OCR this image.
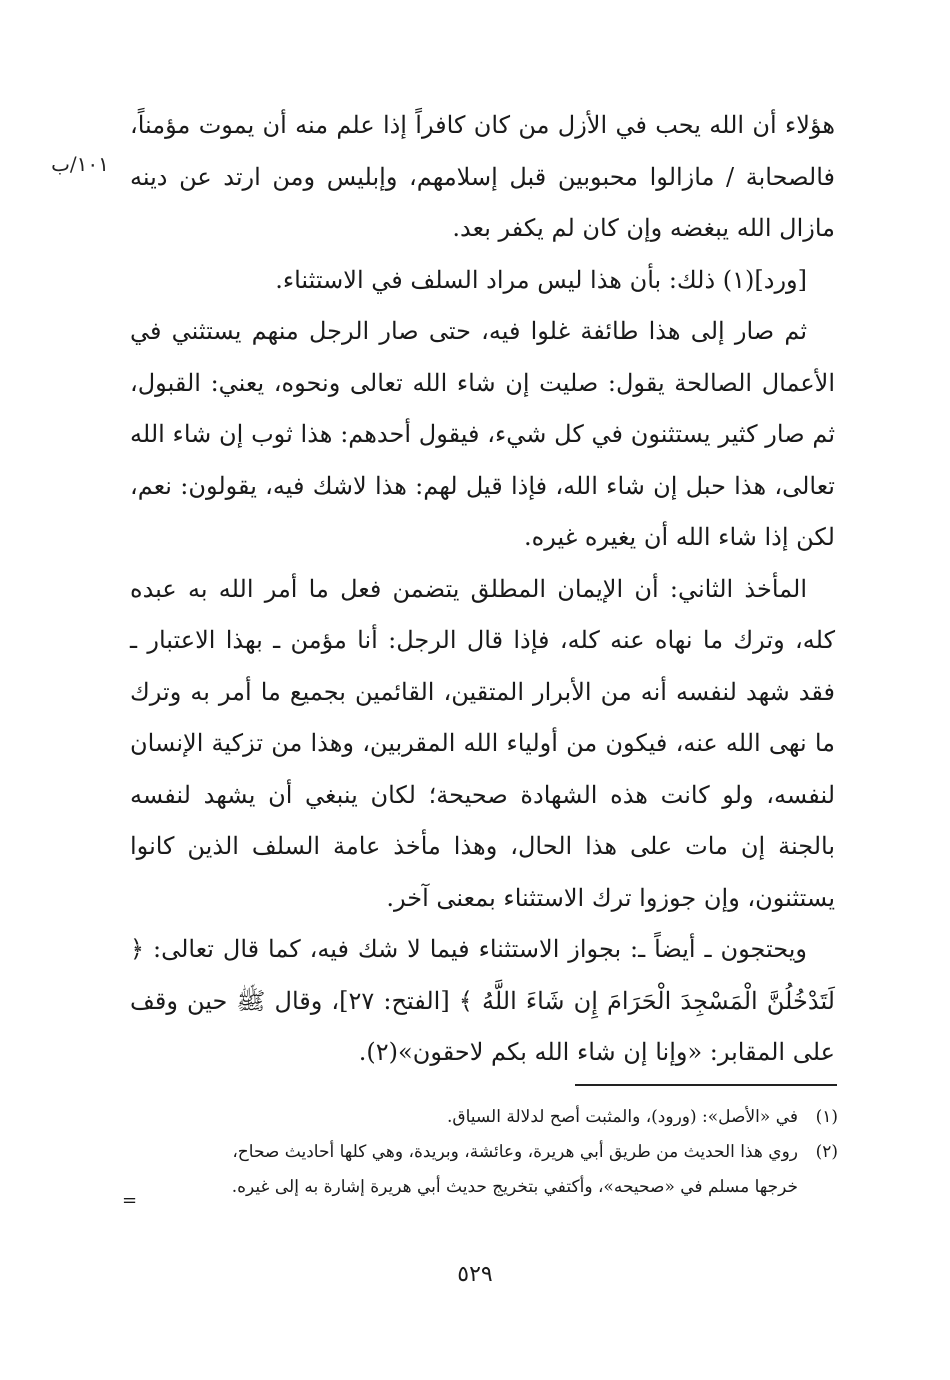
١٠١/ب

هؤلاء أن الله يحب في الأزل من كان كافراً إذا علم منه أن يموت مؤمناً، فالصحابة / مازالوا محبوبين قبل إسلامهم، وإبليس ومن ارتد عن دينه مازال الله يبغضه وإن كان لم يكفر بعد.

[ورد](١) ذلك: بأن هذا ليس مراد السلف في الاستثناء.

ثم صار إلى هذا طائفة غلوا فيه، حتى صار الرجل منهم يستثني في الأعمال الصالحة يقول: صليت إن شاء الله تعالى ونحوه، يعني: القبول، ثم صار كثير يستثنون في كل شيء، فيقول أحدهم: هذا ثوب إن شاء الله تعالى، هذا حبل إن شاء الله، فإذا قيل لهم: هذا لاشك فيه، يقولون: نعم، لكن إذا شاء الله أن يغيره غيره.

المأخذ الثاني: أن الإيمان المطلق يتضمن فعل ما أمر الله به عبده كله، وترك ما نهاه عنه كله، فإذا قال الرجل: أنا مؤمن ـ بهذا الاعتبار ـ فقد شهد لنفسه أنه من الأبرار المتقين، القائمين بجميع ما أمر به وترك ما نهى الله عنه، فيكون من أولياء الله المقربين، وهذا من تزكية الإنسان لنفسه، ولو كانت هذه الشهادة صحيحة؛ لكان ينبغي أن يشهد لنفسه بالجنة إن مات على هذا الحال، وهذا مأخذ عامة السلف الذين كانوا يستثنون، وإن جوزوا ترك الاستثناء بمعنى آخر.

ويحتجون ـ أيضاً ـ: بجواز الاستثناء فيما لا شك فيه، كما قال تعالى: ﴿ لَتَدْخُلُنَّ الْمَسْجِدَ الْحَرَامَ إِن شَاءَ اللَّهُ ﴾ [الفتح: ٢٧]، وقال ﷺ حين وقف على المقابر: «وإنا إن شاء الله بكم لاحقون»(٢).

(١)في «الأصل»: (ورود)، والمثبت أصح لدلالة السياق.

(٢)روي هذا الحديث من طريق أبي هريرة، وعائشة، وبريدة، وهي كلها أحاديث صحاح،

خرجها مسلم في «صحيحه»، وأكتفي بتخريج حديث أبي هريرة إشارة به إلى غيره.

=
٥٢٩
